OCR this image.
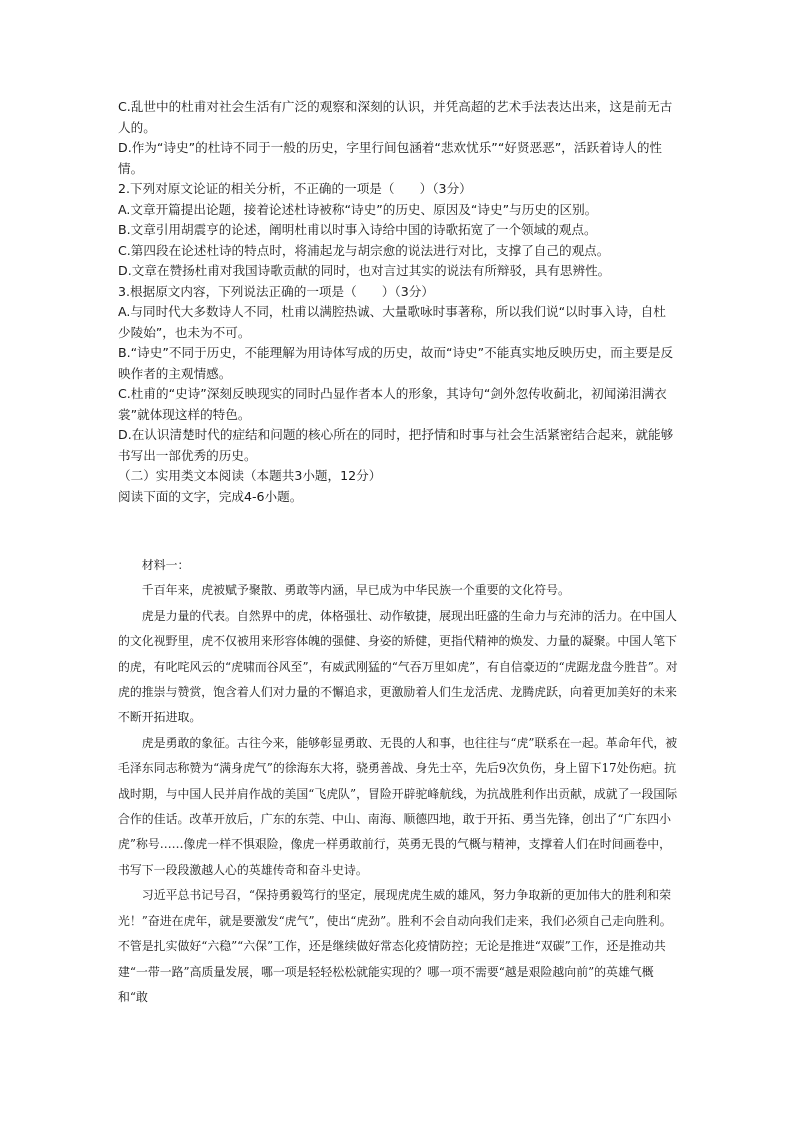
C.乱世中的杜甫对社会生活有广泛的观察和深刻的认识，并凭高超的艺术手法表达出来，这是前无古人的。

D.作为“诗史”的杜诗不同于一般的历史，字里行间包涵着“悲欢忧乐”“好贤恶恶”，活跃着诗人的性情。

2.下列对原文论证的相关分析，不正确的一项是（　　）（3分）

A.文章开篇提出论题，接着论述杜诗被称“诗史”的历史、原因及“诗史”与历史的区别。

B.文章引用胡震亨的论述，阐明杜甫以时事入诗给中国的诗歌拓宽了一个领域的观点。

C.第四段在论述杜诗的特点时，将浦起龙与胡宗愈的说法进行对比，支撑了自己的观点。

D.文章在赞扬杜甫对我国诗歌贡献的同时，也对言过其实的说法有所辩驳，具有思辨性。

3.根据原文内容，下列说法正确的一项是（　　）（3分）

A.与同时代大多数诗人不同，杜甫以满腔热诚、大量歌咏时事著称，所以我们说“以时事入诗，自杜少陵始”，也未为不可。

B.“诗史”不同于历史，不能理解为用诗体写成的历史，故而“诗史”不能真实地反映历史，而主要是反映作者的主观情感。

C.杜甫的“史诗”深刻反映现实的同时凸显作者本人的形象，其诗句“剑外忽传收蓟北，初闻涕泪满衣裳”就体现这样的特色。

D.在认识清楚时代的症结和问题的核心所在的同时，把抒情和时事与社会生活紧密结合起来，就能够书写出一部优秀的历史。

（二）实用类文本阅读（本题共3小题，12分）

阅读下面的文字，完成4-6小题。

材料一：

千百年来，虎被赋予聚散、勇敢等内涵，早已成为中华民族一个重要的文化符号。

虎是力量的代表。自然界中的虎，体格强壮、动作敏捷，展现出旺盛的生命力与充沛的活力。在中国人的文化视野里，虎不仅被用来形容体魄的强健、身姿的矫健，更指代精神的焕发、力量的凝聚。中国人笔下的虎，有叱咤风云的“虎啸而谷风至”，有威武刚猛的“气吞万里如虎”，有自信豪迈的“虎踞龙盘今胜昔”。对虎的推崇与赞赏，饱含着人们对力量的不懈追求，更激励着人们生龙活虎、龙腾虎跃，向着更加美好的未来不断开拓进取。

虎是勇敢的象征。古往今来，能够彰显勇敢、无畏的人和事，也往往与“虎”联系在一起。革命年代，被毛泽东同志称赞为“满身虎气”的徐海东大将，骁勇善战、身先士卒，先后9次负伤，身上留下17处伤疤。抗战时期，与中国人民并肩作战的美国“飞虎队”，冒险开辟驼峰航线，为抗战胜利作出贡献，成就了一段国际合作的佳话。改革开放后，广东的东莞、中山、南海、顺德四地，敢于开拓、勇当先锋，创出了“广东四小虎”称号……像虎一样不惧艰险，像虎一样勇敢前行，英勇无畏的气概与精神，支撑着人们在时间画卷中，书写下一段段激越人心的英雄传奇和奋斗史诗。

习近平总书记号召，“保持勇毅笃行的坚定，展现虎虎生威的雄风，努力争取新的更加伟大的胜利和荣光！”奋进在虎年，就是要激发“虎气”，使出“虎劲”。胜利不会自动向我们走来，我们必须自己走向胜利。不管是扎实做好“六稳”“六保”工作，还是继续做好常态化疫情防控；无论是推进“双碳”工作，还是推动共建“一带一路”高质量发展，哪一项是轻轻松松就能实现的？哪一项不需要“越是艰险越向前”的英雄气概和“敢
